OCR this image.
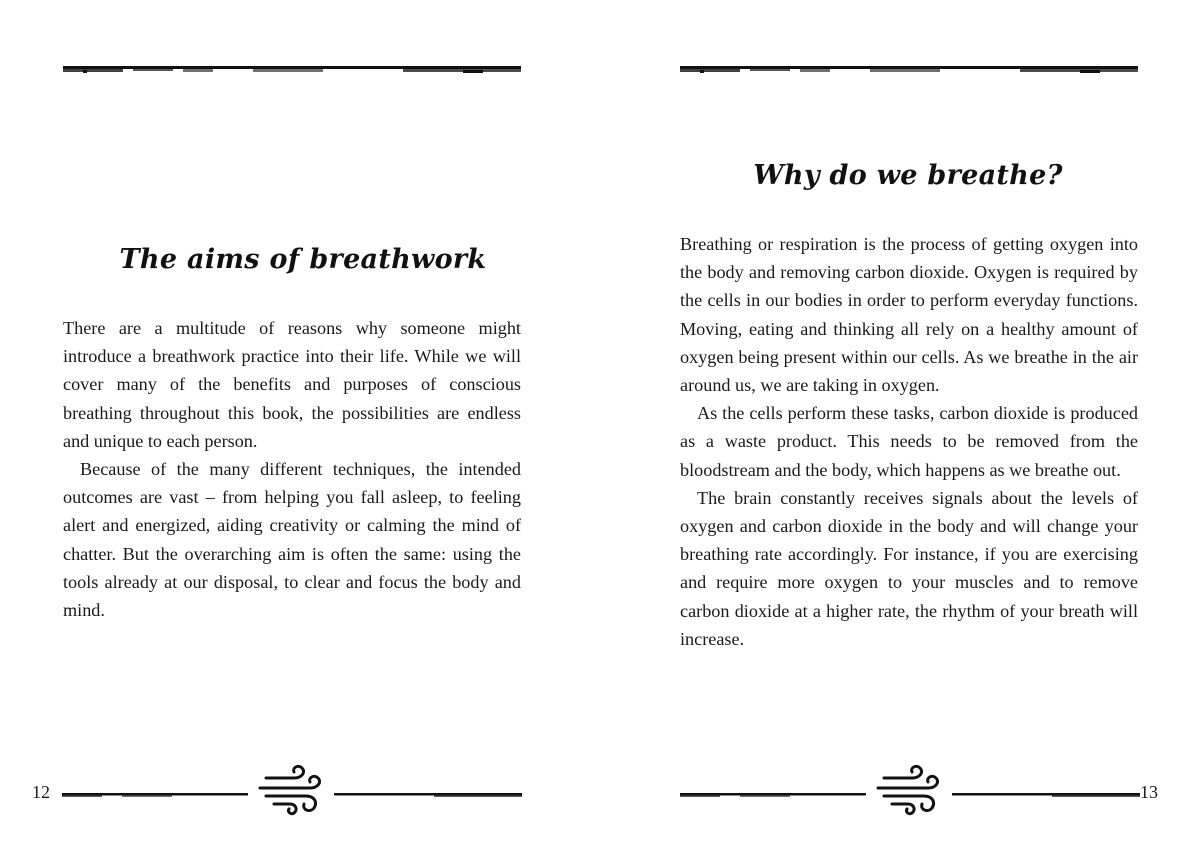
The aims of breathwork

There are a multitude of reasons why someone might introduce a breathwork practice into their life. While we will cover many of the benefits and purposes of conscious breathing throughout this book, the possibilities are endless and unique to each person.

Because of the many different techniques, the intended outcomes are vast – from helping you fall asleep, to feeling alert and energized, aiding creativity or calming the mind of chatter. But the overarching aim is often the same: using the tools already at our disposal, to clear and focus the body and mind.

12
Why do we breathe?

Breathing or respiration is the process of getting oxygen into the body and removing carbon dioxide. Oxygen is required by the cells in our bodies in order to perform everyday functions. Moving, eating and thinking all rely on a healthy amount of oxygen being present within our cells. As we breathe in the air around us, we are taking in oxygen.

As the cells perform these tasks, carbon dioxide is produced as a waste product. This needs to be removed from the bloodstream and the body, which happens as we breathe out.

The brain constantly receives signals about the levels of oxygen and carbon dioxide in the body and will change your breathing rate accordingly. For instance, if you are exercising and require more oxygen to your muscles and to remove carbon dioxide at a higher rate, the rhythm of your breath will increase.

13
